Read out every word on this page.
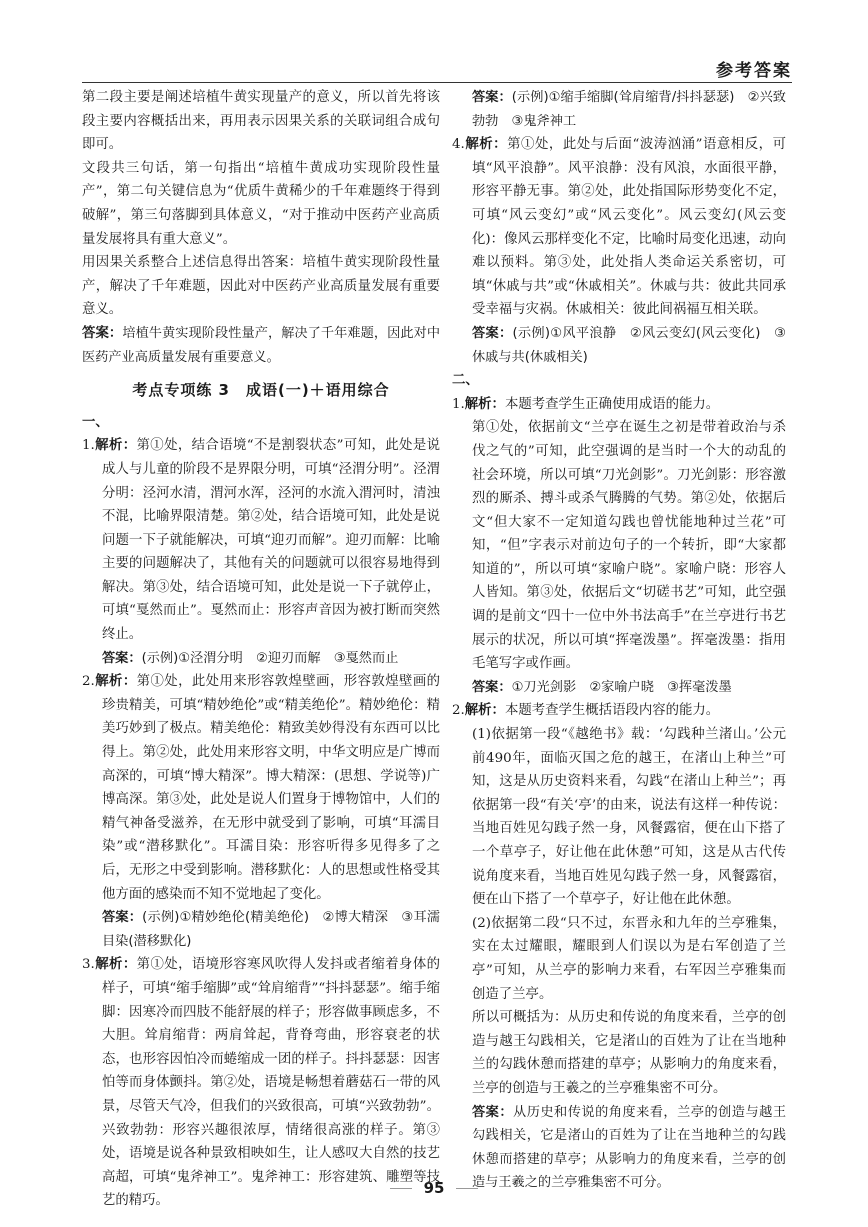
参考答案

第二段主要是阐述培植牛黄实现量产的意义，所以首先将该段主要内容概括出来，再用表示因果关系的关联词组合成句即可。

文段共三句话，第一句指出“培植牛黄成功实现阶段性量产”，第二句关键信息为“优质牛黄稀少的千年难题终于得到破解”，第三句落脚到具体意义，“对于推动中医药产业高质量发展将具有重大意义”。

用因果关系整合上述信息得出答案：培植牛黄实现阶段性量产，解决了千年难题，因此对中医药产业高质量发展有重要意义。

答案：培植牛黄实现阶段性量产，解决了千年难题，因此对中医药产业高质量发展有重要意义。

考点专项练 3　成语(一)＋语用综合

一、

1.解析：第①处，结合语境“不是割裂状态”可知，此处是说成人与儿童的阶段不是界限分明，可填“泾渭分明”。泾渭分明：泾河水清，渭河水浑，泾河的水流入渭河时，清浊不混，比喻界限清楚。第②处，结合语境可知，此处是说问题一下子就能解决，可填“迎刃而解”。迎刃而解：比喻主要的问题解决了，其他有关的问题就可以很容易地得到解决。第③处，结合语境可知，此处是说一下子就停止，可填“戛然而止”。戛然而止：形容声音因为被打断而突然终止。

答案：(示例)①泾渭分明　②迎刃而解　③戛然而止

2.解析：第①处，此处用来形容敦煌壁画，形容敦煌壁画的珍贵精美，可填“精妙绝伦”或“精美绝伦”。精妙绝伦：精美巧妙到了极点。精美绝伦：精致美妙得没有东西可以比得上。第②处，此处用来形容文明，中华文明应是广博而高深的，可填“博大精深”。博大精深：(思想、学说等)广博高深。第③处，此处是说人们置身于博物馆中，人们的精气神备受滋养，在无形中就受到了影响，可填“耳濡目染”或“潜移默化”。耳濡目染：形容听得多见得多了之后，无形之中受到影响。潜移默化：人的思想或性格受其他方面的感染而不知不觉地起了变化。

答案：(示例)①精妙绝伦(精美绝伦)　②博大精深　③耳濡目染(潜移默化)

3.解析：第①处，语境形容寒风吹得人发抖或者缩着身体的样子，可填“缩手缩脚”或“耸肩缩背”“抖抖瑟瑟”。缩手缩脚：因寒冷而四肢不能舒展的样子；形容做事顾虑多，不大胆。耸肩缩背：两肩耸起，背脊弯曲，形容衰老的状态，也形容因怕冷而蜷缩成一团的样子。抖抖瑟瑟：因害怕等而身体颤抖。第②处，语境是畅想着蘑菇石一带的风景，尽管天气冷，但我们的兴致很高，可填“兴致勃勃”。兴致勃勃：形容兴趣很浓厚，情绪很高涨的样子。第③处，语境是说各种景致相映如生，让人感叹大自然的技艺高超，可填“鬼斧神工”。鬼斧神工：形容建筑、雕塑等技艺的精巧。

答案：(示例)①缩手缩脚(耸肩缩背/抖抖瑟瑟)　②兴致勃勃　③鬼斧神工

4.解析：第①处，此处与后面“波涛汹涌”语意相反，可填“风平浪静”。风平浪静：没有风浪，水面很平静，形容平静无事。第②处，此处指国际形势变化不定，可填“风云变幻”或“风云变化”。风云变幻(风云变化)：像风云那样变化不定，比喻时局变化迅速，动向难以预料。第③处，此处指人类命运关系密切，可填“休戚与共”或“休戚相关”。休戚与共：彼此共同承受幸福与灾祸。休戚相关：彼此间祸福互相关联。

答案：(示例)①风平浪静　②风云变幻(风云变化)　③休戚与共(休戚相关)

二、

1.解析：本题考查学生正确使用成语的能力。

第①处，依据前文“兰亭在诞生之初是带着政治与杀伐之气的”可知，此空强调的是当时一个大的动乱的社会环境，所以可填“刀光剑影”。刀光剑影：形容激烈的厮杀、搏斗或杀气腾腾的气势。第②处，依据后文“但大家不一定知道勾践也曾忧能地种过兰花”可知，“但”字表示对前边句子的一个转折，即“大家都知道的”，所以可填“家喻户晓”。家喻户晓：形容人人皆知。第③处，依据后文“切磋书艺”可知，此空强调的是前文“四十一位中外书法高手”在兰亭进行书艺展示的状况，所以可填“挥毫泼墨”。挥毫泼墨：指用毛笔写字或作画。

答案：①刀光剑影　②家喻户晓　③挥毫泼墨

2.解析：本题考查学生概括语段内容的能力。

(1)依据第一段“《越绝书》载：‘勾践种兰渚山。’公元前490年，面临灭国之危的越王，在渚山上种兰”可知，这是从历史资料来看，勾践“在渚山上种兰”；再依据第一段“有关‘亭’的由来，说法有这样一种传说：当地百姓见勾践子然一身，风餐露宿，便在山下搭了一个草亭子，好让他在此休憩”可知，这是从古代传说角度来看，当地百姓见勾践子然一身，风餐露宿，便在山下搭了一个草亭子，好让他在此休憩。

(2)依据第二段“只不过，东晋永和九年的兰亭雅集，实在太过耀眼，耀眼到人们误以为是右军创造了兰亭”可知，从兰亭的影响力来看，右军因兰亭雅集而创造了兰亭。

所以可概括为：从历史和传说的角度来看，兰亭的创造与越王勾践相关，它是渚山的百姓为了让在当地种兰的勾践休憩而搭建的草亭；从影响力的角度来看，兰亭的创造与王羲之的兰亭雅集密不可分。

答案：从历史和传说的角度来看，兰亭的创造与越王勾践相关，它是渚山的百姓为了让在当地种兰的勾践休憩而搭建的草亭；从影响力的角度来看，兰亭的创造与王羲之的兰亭雅集密不可分。

95
